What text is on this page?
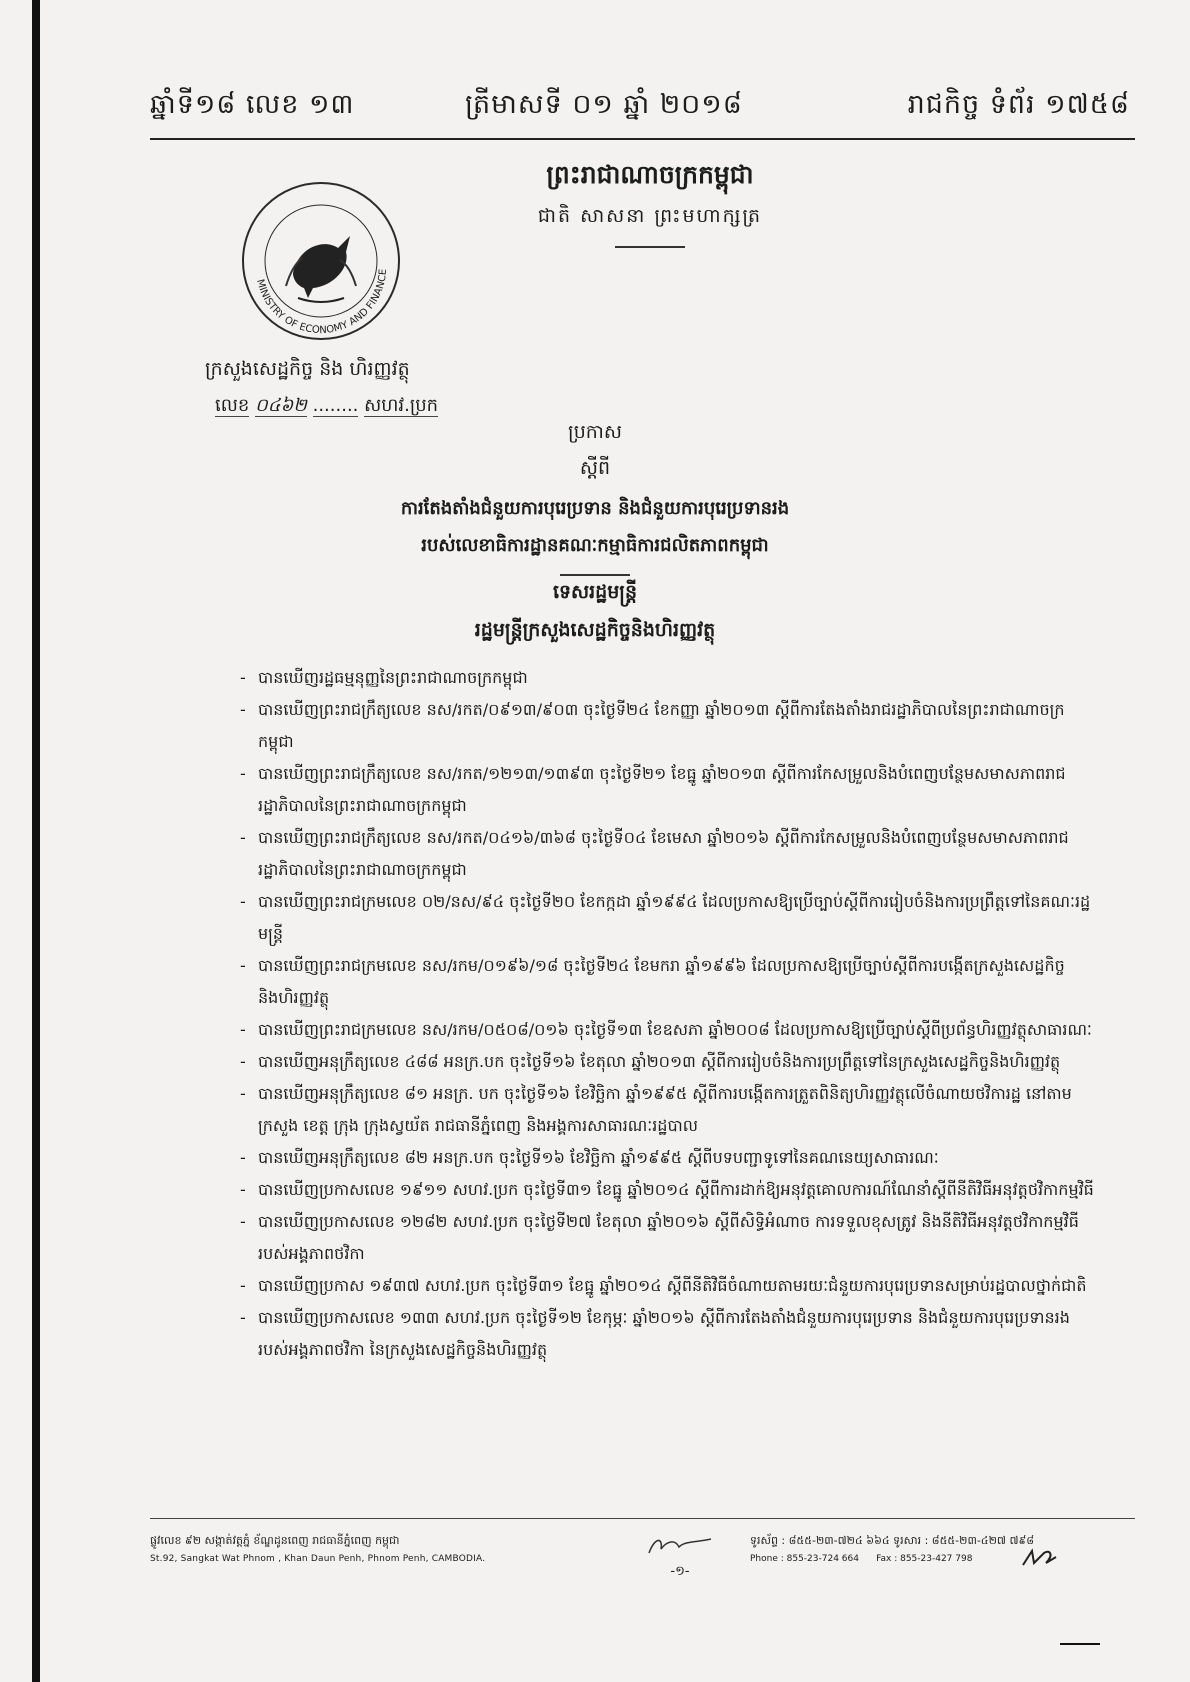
ឆ្នាំទី១៨ លេខ ១៣	ត្រីមាសទី ០១ ឆ្នាំ ២០១៨	រាជកិច្ច ទំព័រ ១៧៥៨
ព្រះរាជាណាចក្រកម្ពុជា
ជាតិ សាសនា ព្រះមហាក្សត្រ
MINISTRY OF ECONOMY AND FINANCE
ក្រសួងសេដ្ឋកិច្ច និង ហិរញ្ញវត្ថុ
លេខ ០៤៦២ ........ សហវ.ប្រក
ប្រកាស
ស្តីពី
ការតែងតាំងជំនួយការបុរេប្រទាន និងជំនួយការបុរេប្រទានរង
របស់លេខាធិការដ្ឋានគណៈកម្មាធិការជលិតភាពកម្ពុជា
ទេសរដ្ឋមន្ត្រី
រដ្ឋមន្ត្រីក្រសួងសេដ្ឋកិច្ចនិងហិរញ្ញវត្ថុ
- បានឃើញរដ្ឋធម្មនុញ្ញនៃព្រះរាជាណាចក្រកម្ពុជា
- បានឃើញព្រះរាជក្រឹត្យលេខ នស/រកត/០៩១៣/៩០៣ ចុះថ្ងៃទី២៤ ខែកញ្ញា ឆ្នាំ២០១៣ ស្តីពីការតែងតាំងរាជរដ្ឋាភិបាលនៃព្រះរាជាណាចក្រកម្ពុជា
- បានឃើញព្រះរាជក្រឹត្យលេខ នស/រកត/១២១៣/១៣៩៣ ចុះថ្ងៃទី២១ ខែធ្នូ ឆ្នាំ២០១៣ ស្តីពីការកែសម្រួលនិងបំពេញបន្ថែមសមាសភាពរាជរដ្ឋាភិបាលនៃព្រះរាជាណាចក្រកម្ពុជា
- បានឃើញព្រះរាជក្រឹត្យលេខ នស/រកត/០៤១៦/៣៦៨ ចុះថ្ងៃទី០៤ ខែមេសា ឆ្នាំ២០១៦ ស្តីពីការកែសម្រួលនិងបំពេញបន្ថែមសមាសភាពរាជរដ្ឋាភិបាលនៃព្រះរាជាណាចក្រកម្ពុជា
- បានឃើញព្រះរាជក្រមលេខ ០២/នស/៩៤ ចុះថ្ងៃទី២០ ខែកក្កដា ឆ្នាំ១៩៩៤ ដែលប្រកាសឱ្យប្រើច្បាប់ស្តីពីការរៀបចំនិងការប្រព្រឹត្តទៅនៃគណៈរដ្ឋមន្ត្រី
- បានឃើញព្រះរាជក្រមលេខ នស/រកម/០១៩៦/១៨ ចុះថ្ងៃទី២៤ ខែមករា ឆ្នាំ១៩៩៦ ដែលប្រកាសឱ្យប្រើច្បាប់ស្តីពីការបង្កើតក្រសួងសេដ្ឋកិច្ចនិងហិរញ្ញវត្ថុ
- បានឃើញព្រះរាជក្រមលេខ នស/រកម/០៥០៨/០១៦ ចុះថ្ងៃទី១៣ ខែឧសភា ឆ្នាំ២០០៨ ដែលប្រកាសឱ្យប្រើច្បាប់ស្តីពីប្រព័ន្ធហិរញ្ញវត្ថុសាធារណៈ
- បានឃើញអនុក្រឹត្យលេខ ៤៨៨ អនក្រ.បក ចុះថ្ងៃទី១៦ ខែតុលា ឆ្នាំ២០១៣ ស្តីពីការរៀបចំនិងការប្រព្រឹត្តទៅនៃក្រសួងសេដ្ឋកិច្ចនិងហិរញ្ញវត្ថុ
- បានឃើញអនុក្រឹត្យលេខ ៨១ អនក្រ. បក ចុះថ្ងៃទី១៦ ខែវិច្ឆិកា ឆ្នាំ១៩៩៥ ស្តីពីការបង្កើតការត្រួតពិនិត្យហិរញ្ញវត្ថុលើចំណាយថវិការដ្ឋ នៅតាមក្រសួង ខេត្ត ក្រុង ក្រុងស្វយ័ត រាជធានីភ្នំពេញ និងអង្គការសាធារណៈរដ្ឋបាល
- បានឃើញអនុក្រឹត្យលេខ ៨២ អនក្រ.បក ចុះថ្ងៃទី១៦ ខែវិច្ឆិកា ឆ្នាំ១៩៩៥ ស្តីពីបទបញ្ជាទូទៅនៃគណនេយ្យសាធារណៈ
- បានឃើញប្រកាសលេខ ១៩១១ សហវ.ប្រក ចុះថ្ងៃទី៣១ ខែធ្នូ ឆ្នាំ២០១៤ ស្តីពីការដាក់ឱ្យអនុវត្តគោលការណ៍ណែនាំស្តីពីនីតិវិធីអនុវត្តថវិកាកម្មវិធី
- បានឃើញប្រកាសលេខ ១២៨២ សហវ.ប្រក ចុះថ្ងៃទី២៧ ខែតុលា ឆ្នាំ២០១៦ ស្តីពីសិទ្ធិអំណាច ការទទួលខុសត្រូវ និងនីតិវិធីអនុវត្តថវិកាកម្មវិធីរបស់អង្គភាពថវិកា
- បានឃើញប្រកាស ១៩៣៧ សហវ.ប្រក ចុះថ្ងៃទី៣១ ខែធ្នូ ឆ្នាំ២០១៤ ស្តីពីនីតិវិធីចំណាយតាមរយៈជំនួយការបុរេប្រទានសម្រាប់រដ្ឋបាលថ្នាក់ជាតិ
- បានឃើញប្រកាសលេខ ១៣៣ សហវ.ប្រក ចុះថ្ងៃទី១២ ខែកុម្ភៈ ឆ្នាំ២០១៦ ស្តីពីការតែងតាំងជំនួយការបុរេប្រទាន និងជំនួយការបុរេប្រទានរងរបស់អង្គភាពថវិកា នៃក្រសួងសេដ្ឋកិច្ចនិងហិរញ្ញវត្ថុ
ផ្លូវលេខ ៩២ សង្កាត់វត្តភ្នំ ខ័ណ្ឌដូនពេញ រាជធានីភ្នំពេញ កម្ពុជា
St.92, Sangkat Wat Phnom , Khan Daun Penh, Phnom Penh, CAMBODIA.
-១-
ទូរស័ព្ទ : ៨៥៥-២៣-៧២៤ ៦៦៤ ទូរសារ : ៨៥៥-២៣-៤២៧ ៧៩៨
Phone : 855-23-724 664 Fax : 855-23-427 798
